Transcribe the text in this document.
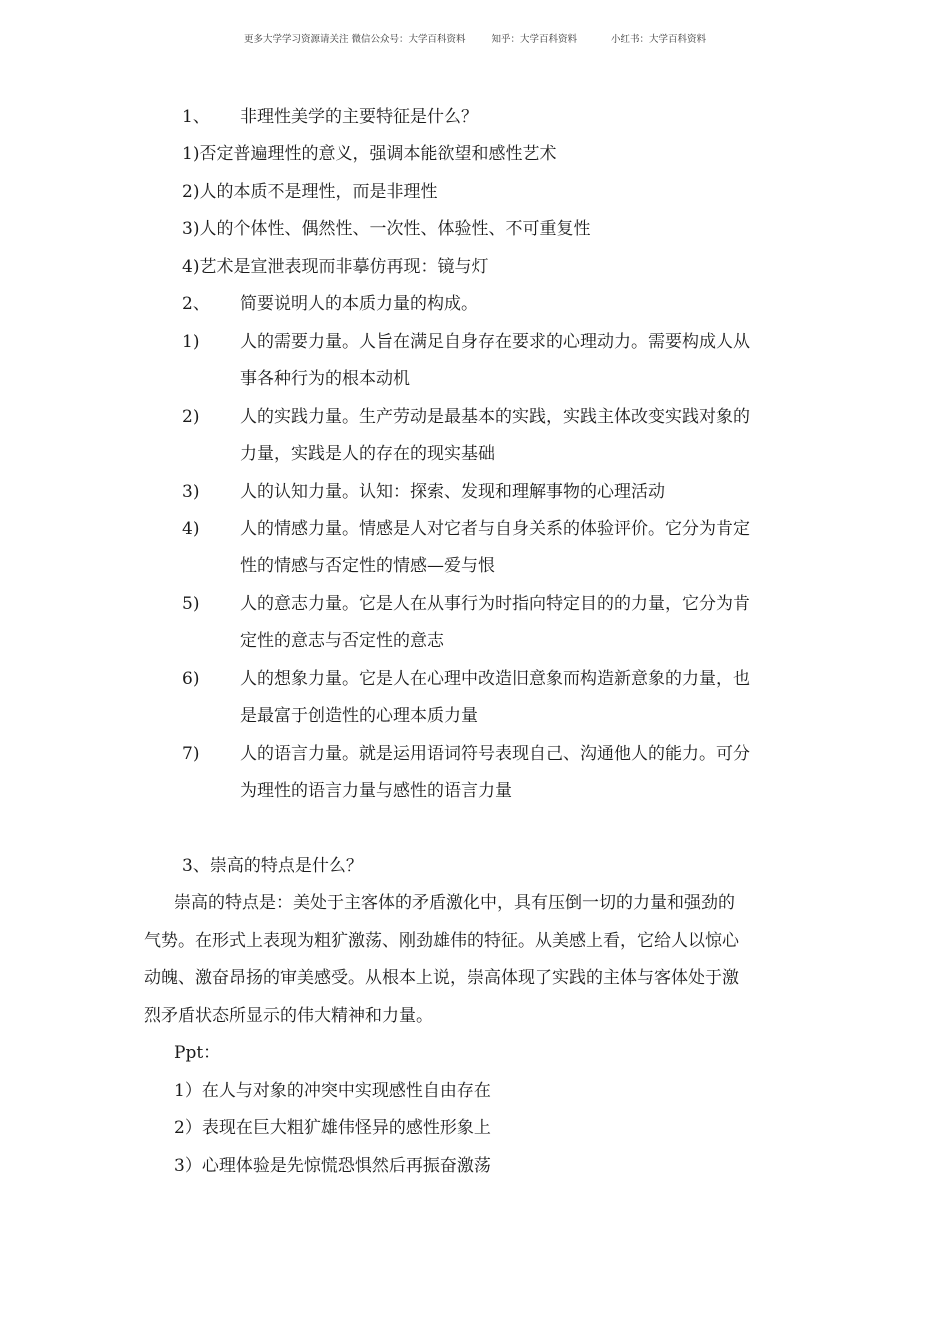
更多大学学习资源请关注 微信公众号：大学百科资料	知乎：大学百科资料	小红书：大学百科资料
1、 非理性美学的主要特征是什么？
1)否定普遍理性的意义，强调本能欲望和感性艺术
2)人的本质不是理性，而是非理性
3)人的个体性、偶然性、一次性、体验性、不可重复性
4)艺术是宣泄表现而非摹仿再现：镜与灯
2、 简要说明人的本质力量的构成。
1) 人的需要力量。人旨在满足自身存在要求的心理动力。需要构成人从
事各种行为的根本动机
2) 人的实践力量。生产劳动是最基本的实践，实践主体改变实践对象的
力量，实践是人的存在的现实基础
3) 人的认知力量。认知：探索、发现和理解事物的心理活动
4) 人的情感力量。情感是人对它者与自身关系的体验评价。它分为肯定
性的情感与否定性的情感—爱与恨
5) 人的意志力量。它是人在从事行为时指向特定目的的力量，它分为肯
定性的意志与否定性的意志
6) 人的想象力量。它是人在心理中改造旧意象而构造新意象的力量，也
是最富于创造性的心理本质力量
7) 人的语言力量。就是运用语词符号表现自己、沟通他人的能力。可分
为理性的语言力量与感性的语言力量
3、崇高的特点是什么？
崇高的特点是：美处于主客体的矛盾激化中，具有压倒一切的力量和强劲的
气势。在形式上表现为粗犷激荡、刚劲雄伟的特征。从美感上看，它给人以惊心
动魄、激奋昂扬的审美感受。从根本上说，崇高体现了实践的主体与客体处于激
烈矛盾状态所显示的伟大精神和力量。
Ppt：
1）在人与对象的冲突中实现感性自由存在
2）表现在巨大粗犷雄伟怪异的感性形象上
3）心理体验是先惊慌恐惧然后再振奋激荡
